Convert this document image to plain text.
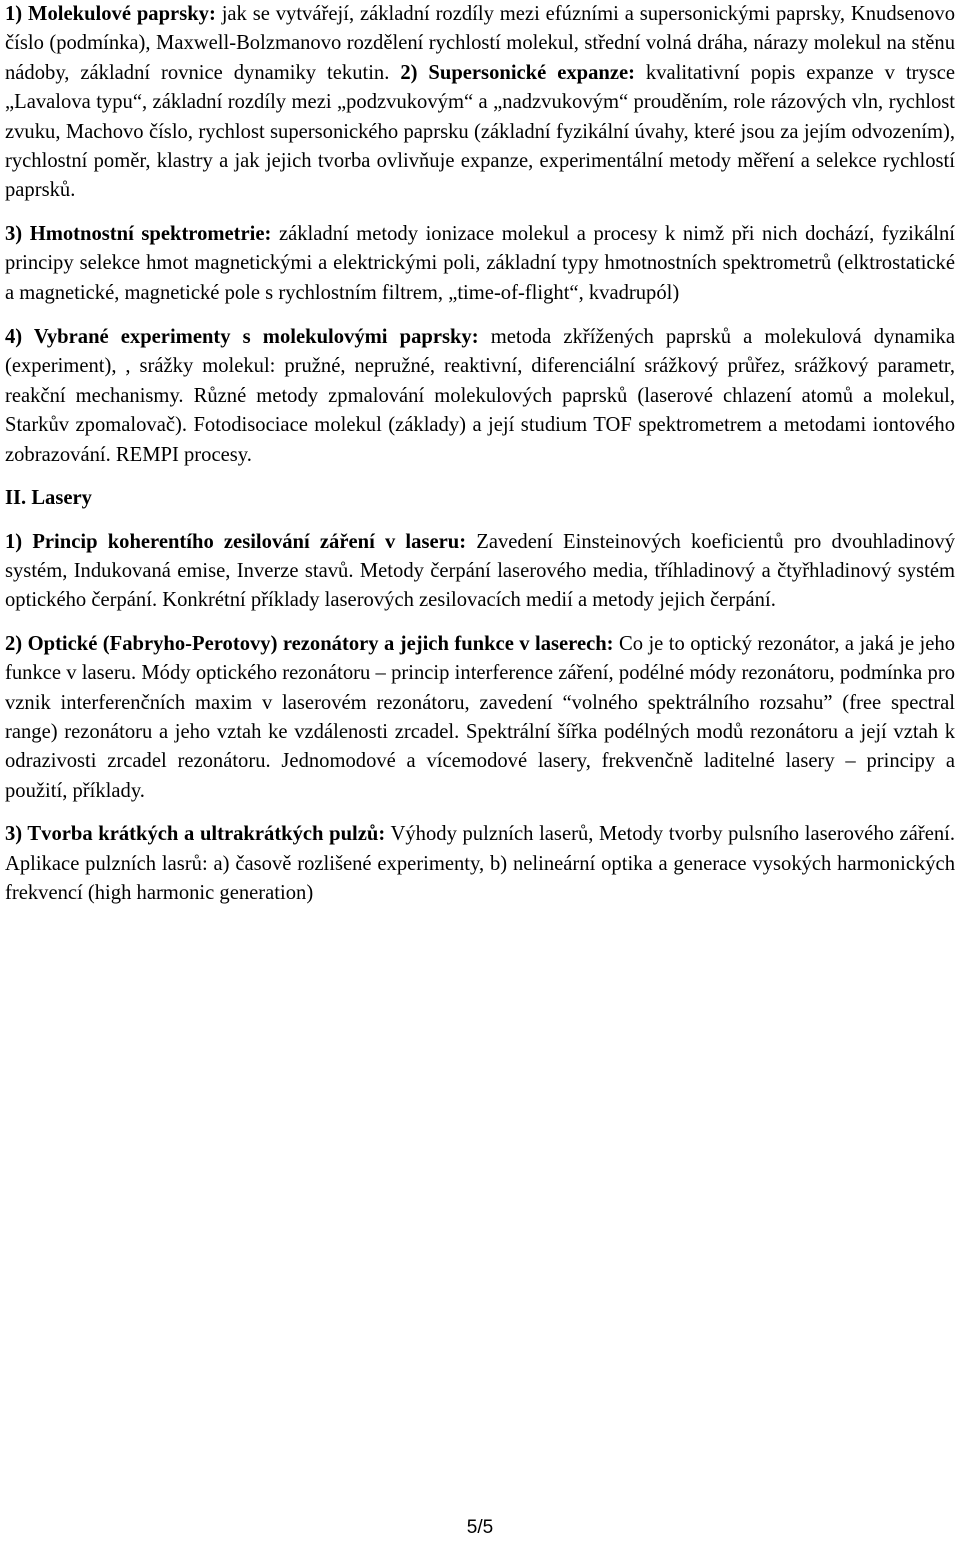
1) Molekulové paprsky: jak se vytvářejí, základní rozdíly mezi efúzními a supersonickými paprsky, Knudsenovo číslo (podmínka), Maxwell-Bolzmanovo rozdělení rychlostí molekul, střední volná dráha, nárazy molekul na stěnu nádoby, základní rovnice dynamiky tekutin. 2) Supersonické expanze: kvalitativní popis expanze v trysce „Lavalova typu“, základní rozdíly mezi „podzvukovým“ a „nadzvukovým“ prouděním, role rázových vln, rychlost zvuku, Machovo číslo, rychlost supersonického paprsku (základní fyzikální úvahy, které jsou za jejím odvozením), rychlostní poměr, klastry a jak jejich tvorba ovlivňuje expanze, experimentální metody měření a selekce rychlostí paprsků.

3) Hmotnostní spektrometrie: základní metody ionizace molekul a procesy k nimž při nich dochází, fyzikální principy selekce hmot magnetickými a elektrickými poli, základní typy hmotnostních spektrometrů (elktrostatické a magnetické, magnetické pole s rychlostním filtrem, „time-of-flight“, kvadrupól)

4) Vybrané experimenty s molekulovými paprsky: metoda zkřížených paprsků a molekulová dynamika (experiment), , srážky molekul: pružné, nepružné, reaktivní, diferenciální srážkový průřez, srážkový parametr, reakční mechanismy. Různé metody zpmalování molekulových paprsků (laserové chlazení atomů a molekul, Starkův zpomalovač). Fotodisociace molekul (základy) a její studium TOF spektrometrem a metodami iontového zobrazování. REMPI procesy.

II. Lasery

1) Princip koherentího zesilování záření v laseru: Zavedení Einsteinových koeficientů pro dvouhladinový systém, Indukovaná emise, Inverze stavů. Metody čerpání laserového media, tříhladinový a čtyřhladinový systém optického čerpání. Konkrétní příklady laserových zesilovacích medií a metody jejich čerpání.

2) Optické (Fabryho-Perotovy) rezonátory a jejich funkce v laserech: Co je to optický rezonátor, a jaká je jeho funkce v laseru. Módy optického rezonátoru – princip interference záření, podélné módy rezonátoru, podmínka pro vznik interferenčních maxim v laserovém rezonátoru, zavedení “volného spektrálního rozsahu” (free spectral range) rezonátoru a jeho vztah ke vzdálenosti zrcadel. Spektrální šířka podélných modů rezonátoru a její vztah k odrazivosti zrcadel rezonátoru. Jednomodové a vícemodové lasery, frekvenčně laditelné lasery – principy a použití, příklady.

3) Tvorba krátkých a ultrakrátkých pulzů: Výhody pulzních laserů, Metody tvorby pulsního laserového záření. Aplikace pulzních lasrů: a) časově rozlišené experimenty, b) nelineární optika a generace vysokých harmonických frekvencí (high harmonic generation)

5/5
